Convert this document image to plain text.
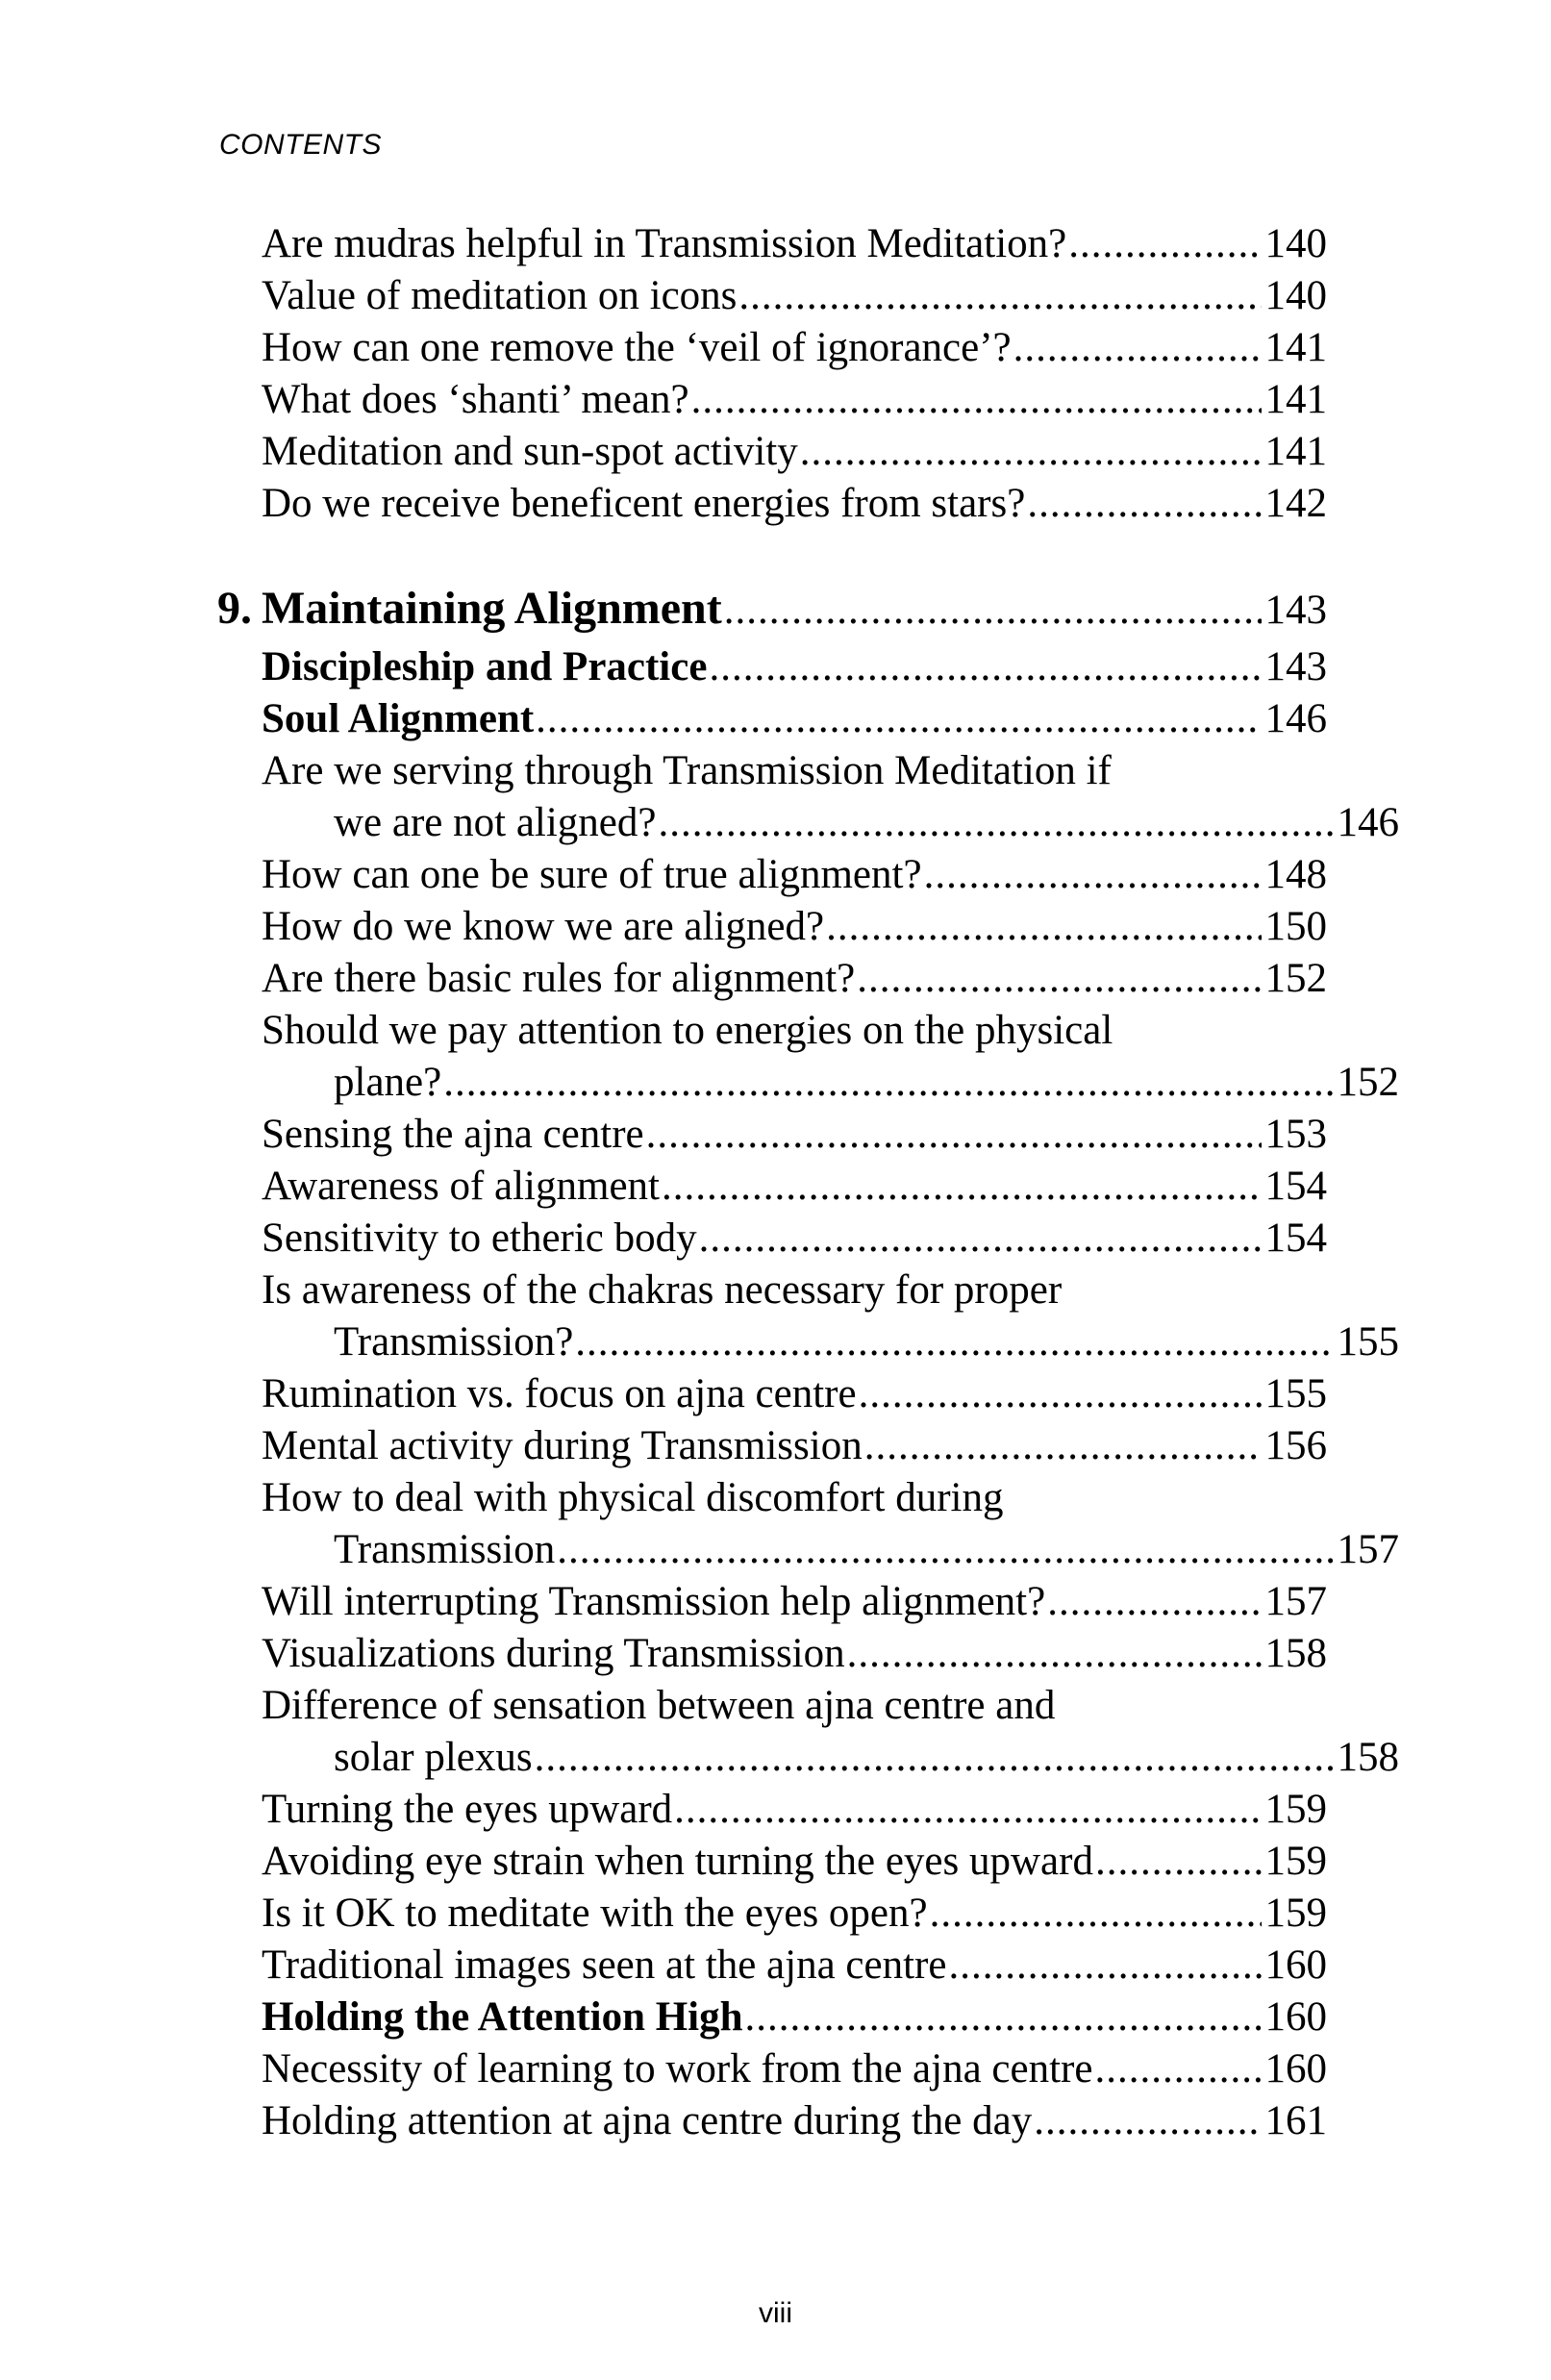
CONTENTS
Are mudras helpful in Transmission Meditation? .....	140
Value of meditation on icons .....	140
How can one remove the ‘veil of ignorance’? .....	141
What does ‘shanti’ mean? .....	141
Meditation and sun-spot activity .....	141
Do we receive beneficent energies from stars? .....	142
9. Maintaining Alignment .....	143
Discipleship and Practice .....	143
Soul Alignment .....	146
Are we serving through Transmission Meditation if
we are not aligned? .....	146
How can one be sure of true alignment? .....	148
How do we know we are aligned? .....	150
Are there basic rules for alignment? .....	152
Should we pay attention to energies on the physical
plane? .....	152
Sensing the ajna centre .....	153
Awareness of alignment .....	154
Sensitivity to etheric body .....	154
Is awareness of the chakras necessary for proper
Transmission? .....	155
Rumination vs. focus on ajna centre .....	155
Mental activity during Transmission .....	156
How to deal with physical discomfort during
Transmission .....	157
Will interrupting Transmission help alignment? .....	157
Visualizations during Transmission .....	158
Difference of sensation between ajna centre and
solar plexus .....	158
Turning the eyes upward .....	159
Avoiding eye strain when turning the eyes upward .....	159
Is it OK to meditate with the eyes open? .....	159
Traditional images seen at the ajna centre .....	160
Holding the Attention High .....	160
Necessity of learning to work from the ajna centre .....	160
Holding attention at ajna centre during the day .....	161
viii
